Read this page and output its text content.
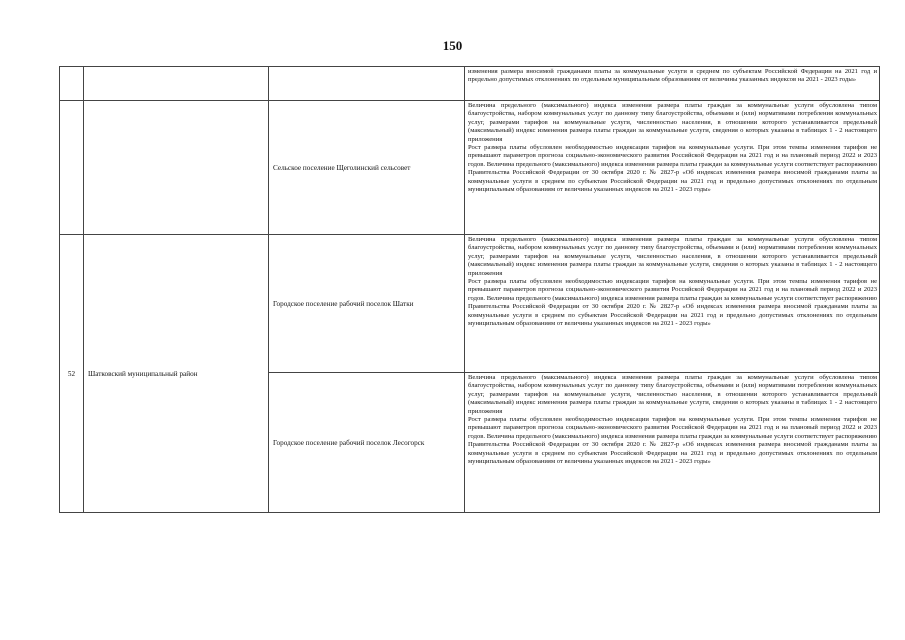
150

			изменения размера вносимой гражданами платы за коммунальные услуги в среднем по субъектам Российской Федерации на 2021 год и предельно допустимых отклонениях по отдельным муниципальным образованиям от величины указанных индексов на 2021 - 2023 годы»

		Сельское поселение Щеголинский сельсовет	Величина предельного (максимального) индекса изменения размера платы граждан за коммунальные услуги обусловлена типом благоустройства, набором коммунальных услуг по данному типу благоустройства, объемами и (или) нормативами потребления коммунальных услуг, размерами тарифов на коммунальные услуги, численностью населения, в отношении которого устанавливается предельный (максимальный) индекс изменения размера платы граждан за коммунальные услуги, сведения о которых указаны в таблицах 1 - 2 настоящего приложения

Рост размера платы обусловлен необходимостью индексации тарифов на коммунальные услуги. При этом темпы изменения тарифов не превышают параметров прогноза социально-экономического развития Российской Федерации на 2021 год и на плановый период 2022 и 2023 годов. Величина предельного (максимального) индекса изменения размера платы граждан за коммунальные услуги соответствует распоряжению Правительства Российской Федерации от 30 октября 2020 г. № 2827-р «Об индексах изменения размера вносимой гражданами платы за коммунальные услуги в среднем по субъектам Российской Федерации на 2021 год и предельно допустимых отклонениях по отдельным муниципальным образованиям от величины указанных индексов на 2021 - 2023 годы»

52	Шатковский муниципальный район	Городское поселение рабочий поселок Шатки	Величина предельного (максимального) индекса изменения размера платы граждан за коммунальные услуги обусловлена типом благоустройства, набором коммунальных услуг по данному типу благоустройства, объемами и (или) нормативами потребления коммунальных услуг, размерами тарифов на коммунальные услуги, численностью населения, в отношении которого устанавливается предельный (максимальный) индекс изменения размера платы граждан за коммунальные услуги, сведения о которых указаны в таблицах 1 - 2 настоящего приложения

Рост размера платы обусловлен необходимостью индексации тарифов на коммунальные услуги. При этом темпы изменения тарифов не превышают параметров прогноза социально-экономического развития Российской Федерации на 2021 год и на плановый период 2022 и 2023 годов. Величина предельного (максимального) индекса изменения размера платы граждан за коммунальные услуги соответствует распоряжению Правительства Российской Федерации от 30 октября 2020 г. № 2827-р «Об индексах изменения размера вносимой гражданами платы за коммунальные услуги в среднем по субъектам Российской Федерации на 2021 год и предельно допустимых отклонениях по отдельным муниципальным образованиям от величины указанных индексов на 2021 - 2023 годы»

		Городское поселение рабочий поселок Лесогорск	Величина предельного (максимального) индекса изменения размера платы граждан за коммунальные услуги обусловлена типом благоустройства, набором коммунальных услуг по данному типу благоустройства, объемами и (или) нормативами потребления коммунальных услуг, размерами тарифов на коммунальные услуги, численностью населения, в отношении которого устанавливается предельный (максимальный) индекс изменения размера платы граждан за коммунальные услуги, сведения о которых указаны в таблицах 1 - 2 настоящего приложения

Рост размера платы обусловлен необходимостью индексации тарифов на коммунальные услуги. При этом темпы изменения тарифов не превышают параметров прогноза социально-экономического развития Российской Федерации на 2021 год и на плановый период 2022 и 2023 годов. Величина предельного (максимального) индекса изменения размера платы граждан за коммунальные услуги соответствует распоряжению Правительства Российской Федерации от 30 октября 2020 г. № 2827-р «Об индексах изменения размера вносимой гражданами платы за коммунальные услуги в среднем по субъектам Российской Федерации на 2021 год и предельно допустимых отклонениях по отдельным муниципальным образованиям от величины указанных индексов на 2021 - 2023 годы»
